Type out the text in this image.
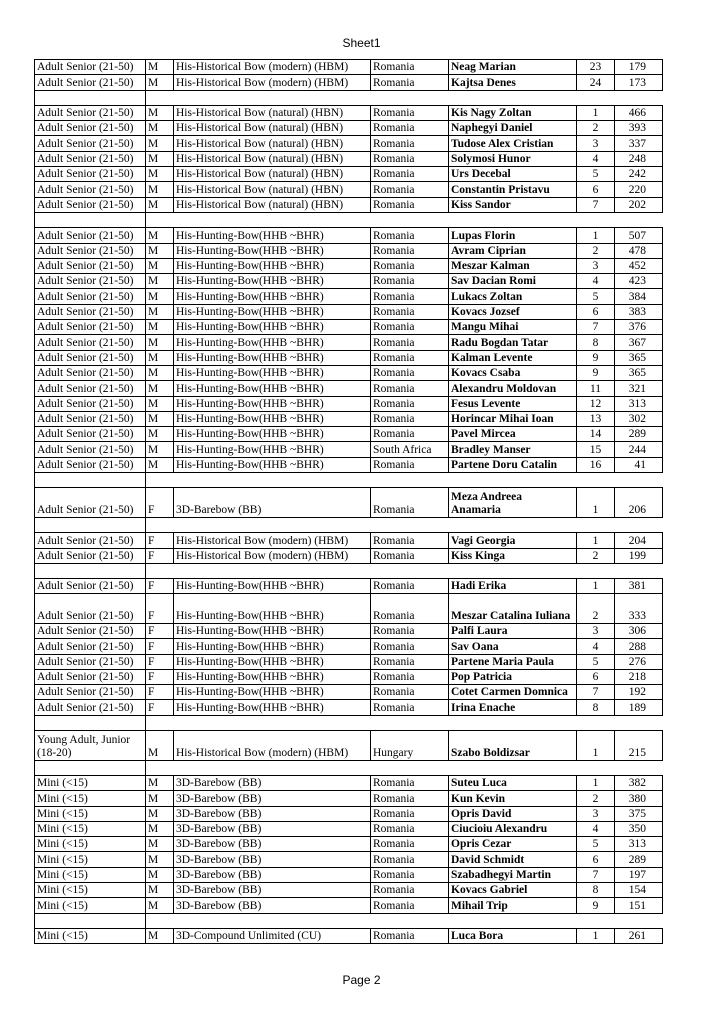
Sheet1
Adult Senior (21-50)	M	His-Historical Bow (modern) (HBM)	Romania	Neag Marian	23	179
Adult Senior (21-50)	M	His-Historical Bow (modern) (HBM)	Romania	Kajtsa Denes	24	173

Adult Senior (21-50)	M	His-Historical Bow (natural) (HBN)	Romania	Kis Nagy Zoltan	1	466
Adult Senior (21-50)	M	His-Historical Bow (natural) (HBN)	Romania	Naphegyi Daniel	2	393
Adult Senior (21-50)	M	His-Historical Bow (natural) (HBN)	Romania	Tudose Alex Cristian	3	337
Adult Senior (21-50)	M	His-Historical Bow (natural) (HBN)	Romania	Solymosi Hunor	4	248
Adult Senior (21-50)	M	His-Historical Bow (natural) (HBN)	Romania	Urs Decebal	5	242
Adult Senior (21-50)	M	His-Historical Bow (natural) (HBN)	Romania	Constantin Pristavu	6	220
Adult Senior (21-50)	M	His-Historical Bow (natural) (HBN)	Romania	Kiss Sandor	7	202

Adult Senior (21-50)	M	His-Hunting-Bow(HHB ~BHR)	Romania	Lupas Florin	1	507
Adult Senior (21-50)	M	His-Hunting-Bow(HHB ~BHR)	Romania	Avram Ciprian	2	478
Adult Senior (21-50)	M	His-Hunting-Bow(HHB ~BHR)	Romania	Meszar Kalman	3	452
Adult Senior (21-50)	M	His-Hunting-Bow(HHB ~BHR)	Romania	Sav Dacian Romi	4	423
Adult Senior (21-50)	M	His-Hunting-Bow(HHB ~BHR)	Romania	Lukacs Zoltan	5	384
Adult Senior (21-50)	M	His-Hunting-Bow(HHB ~BHR)	Romania	Kovacs Jozsef	6	383
Adult Senior (21-50)	M	His-Hunting-Bow(HHB ~BHR)	Romania	Mangu Mihai	7	376
Adult Senior (21-50)	M	His-Hunting-Bow(HHB ~BHR)	Romania	Radu Bogdan Tatar	8	367
Adult Senior (21-50)	M	His-Hunting-Bow(HHB ~BHR)	Romania	Kalman Levente	9	365
Adult Senior (21-50)	M	His-Hunting-Bow(HHB ~BHR)	Romania	Kovacs Csaba	9	365
Adult Senior (21-50)	M	His-Hunting-Bow(HHB ~BHR)	Romania	Alexandru Moldovan	11	321
Adult Senior (21-50)	M	His-Hunting-Bow(HHB ~BHR)	Romania	Fesus Levente	12	313
Adult Senior (21-50)	M	His-Hunting-Bow(HHB ~BHR)	Romania	Horincar Mihai Ioan	13	302
Adult Senior (21-50)	M	His-Hunting-Bow(HHB ~BHR)	Romania	Pavel Mircea	14	289
Adult Senior (21-50)	M	His-Hunting-Bow(HHB ~BHR)	South Africa	Bradley Manser	15	244
Adult Senior (21-50)	M	His-Hunting-Bow(HHB ~BHR)	Romania	Partene Doru Catalin	16	41

Adult Senior (21-50)	F	3D-Barebow (BB)	Romania	Meza Andreea Anamaria	1	206

Adult Senior (21-50)	F	His-Historical Bow (modern) (HBM)	Romania	Vagi Georgia	1	204
Adult Senior (21-50)	F	His-Historical Bow (modern) (HBM)	Romania	Kiss Kinga	2	199

Adult Senior (21-50)	F	His-Hunting-Bow(HHB ~BHR)	Romania	Hadi Erika	1	381
Adult Senior (21-50)	F	His-Hunting-Bow(HHB ~BHR)	Romania	Meszar Catalina Iuliana	2	333
Adult Senior (21-50)	F	His-Hunting-Bow(HHB ~BHR)	Romania	Palfi Laura	3	306
Adult Senior (21-50)	F	His-Hunting-Bow(HHB ~BHR)	Romania	Sav Oana	4	288
Adult Senior (21-50)	F	His-Hunting-Bow(HHB ~BHR)	Romania	Partene Maria Paula	5	276
Adult Senior (21-50)	F	His-Hunting-Bow(HHB ~BHR)	Romania	Pop Patricia	6	218
Adult Senior (21-50)	F	His-Hunting-Bow(HHB ~BHR)	Romania	Cotet Carmen Domnica	7	192
Adult Senior (21-50)	F	His-Hunting-Bow(HHB ~BHR)	Romania	Irina Enache	8	189

Young Adult, Junior (18-20)	M	His-Historical Bow (modern) (HBM)	Hungary	Szabo Boldizsar	1	215

Mini (<15)	M	3D-Barebow (BB)	Romania	Suteu Luca	1	382
Mini (<15)	M	3D-Barebow (BB)	Romania	Kun Kevin	2	380
Mini (<15)	M	3D-Barebow (BB)	Romania	Opris David	3	375
Mini (<15)	M	3D-Barebow (BB)	Romania	Ciucioiu Alexandru	4	350
Mini (<15)	M	3D-Barebow (BB)	Romania	Opris Cezar	5	313
Mini (<15)	M	3D-Barebow (BB)	Romania	David Schmidt	6	289
Mini (<15)	M	3D-Barebow (BB)	Romania	Szabadhegyi Martin	7	197
Mini (<15)	M	3D-Barebow (BB)	Romania	Kovacs Gabriel	8	154
Mini (<15)	M	3D-Barebow (BB)	Romania	Mihail Trip	9	151

Mini (<15)	M	3D-Compound Unlimited (CU)	Romania	Luca Bora	1	261
Page 2
